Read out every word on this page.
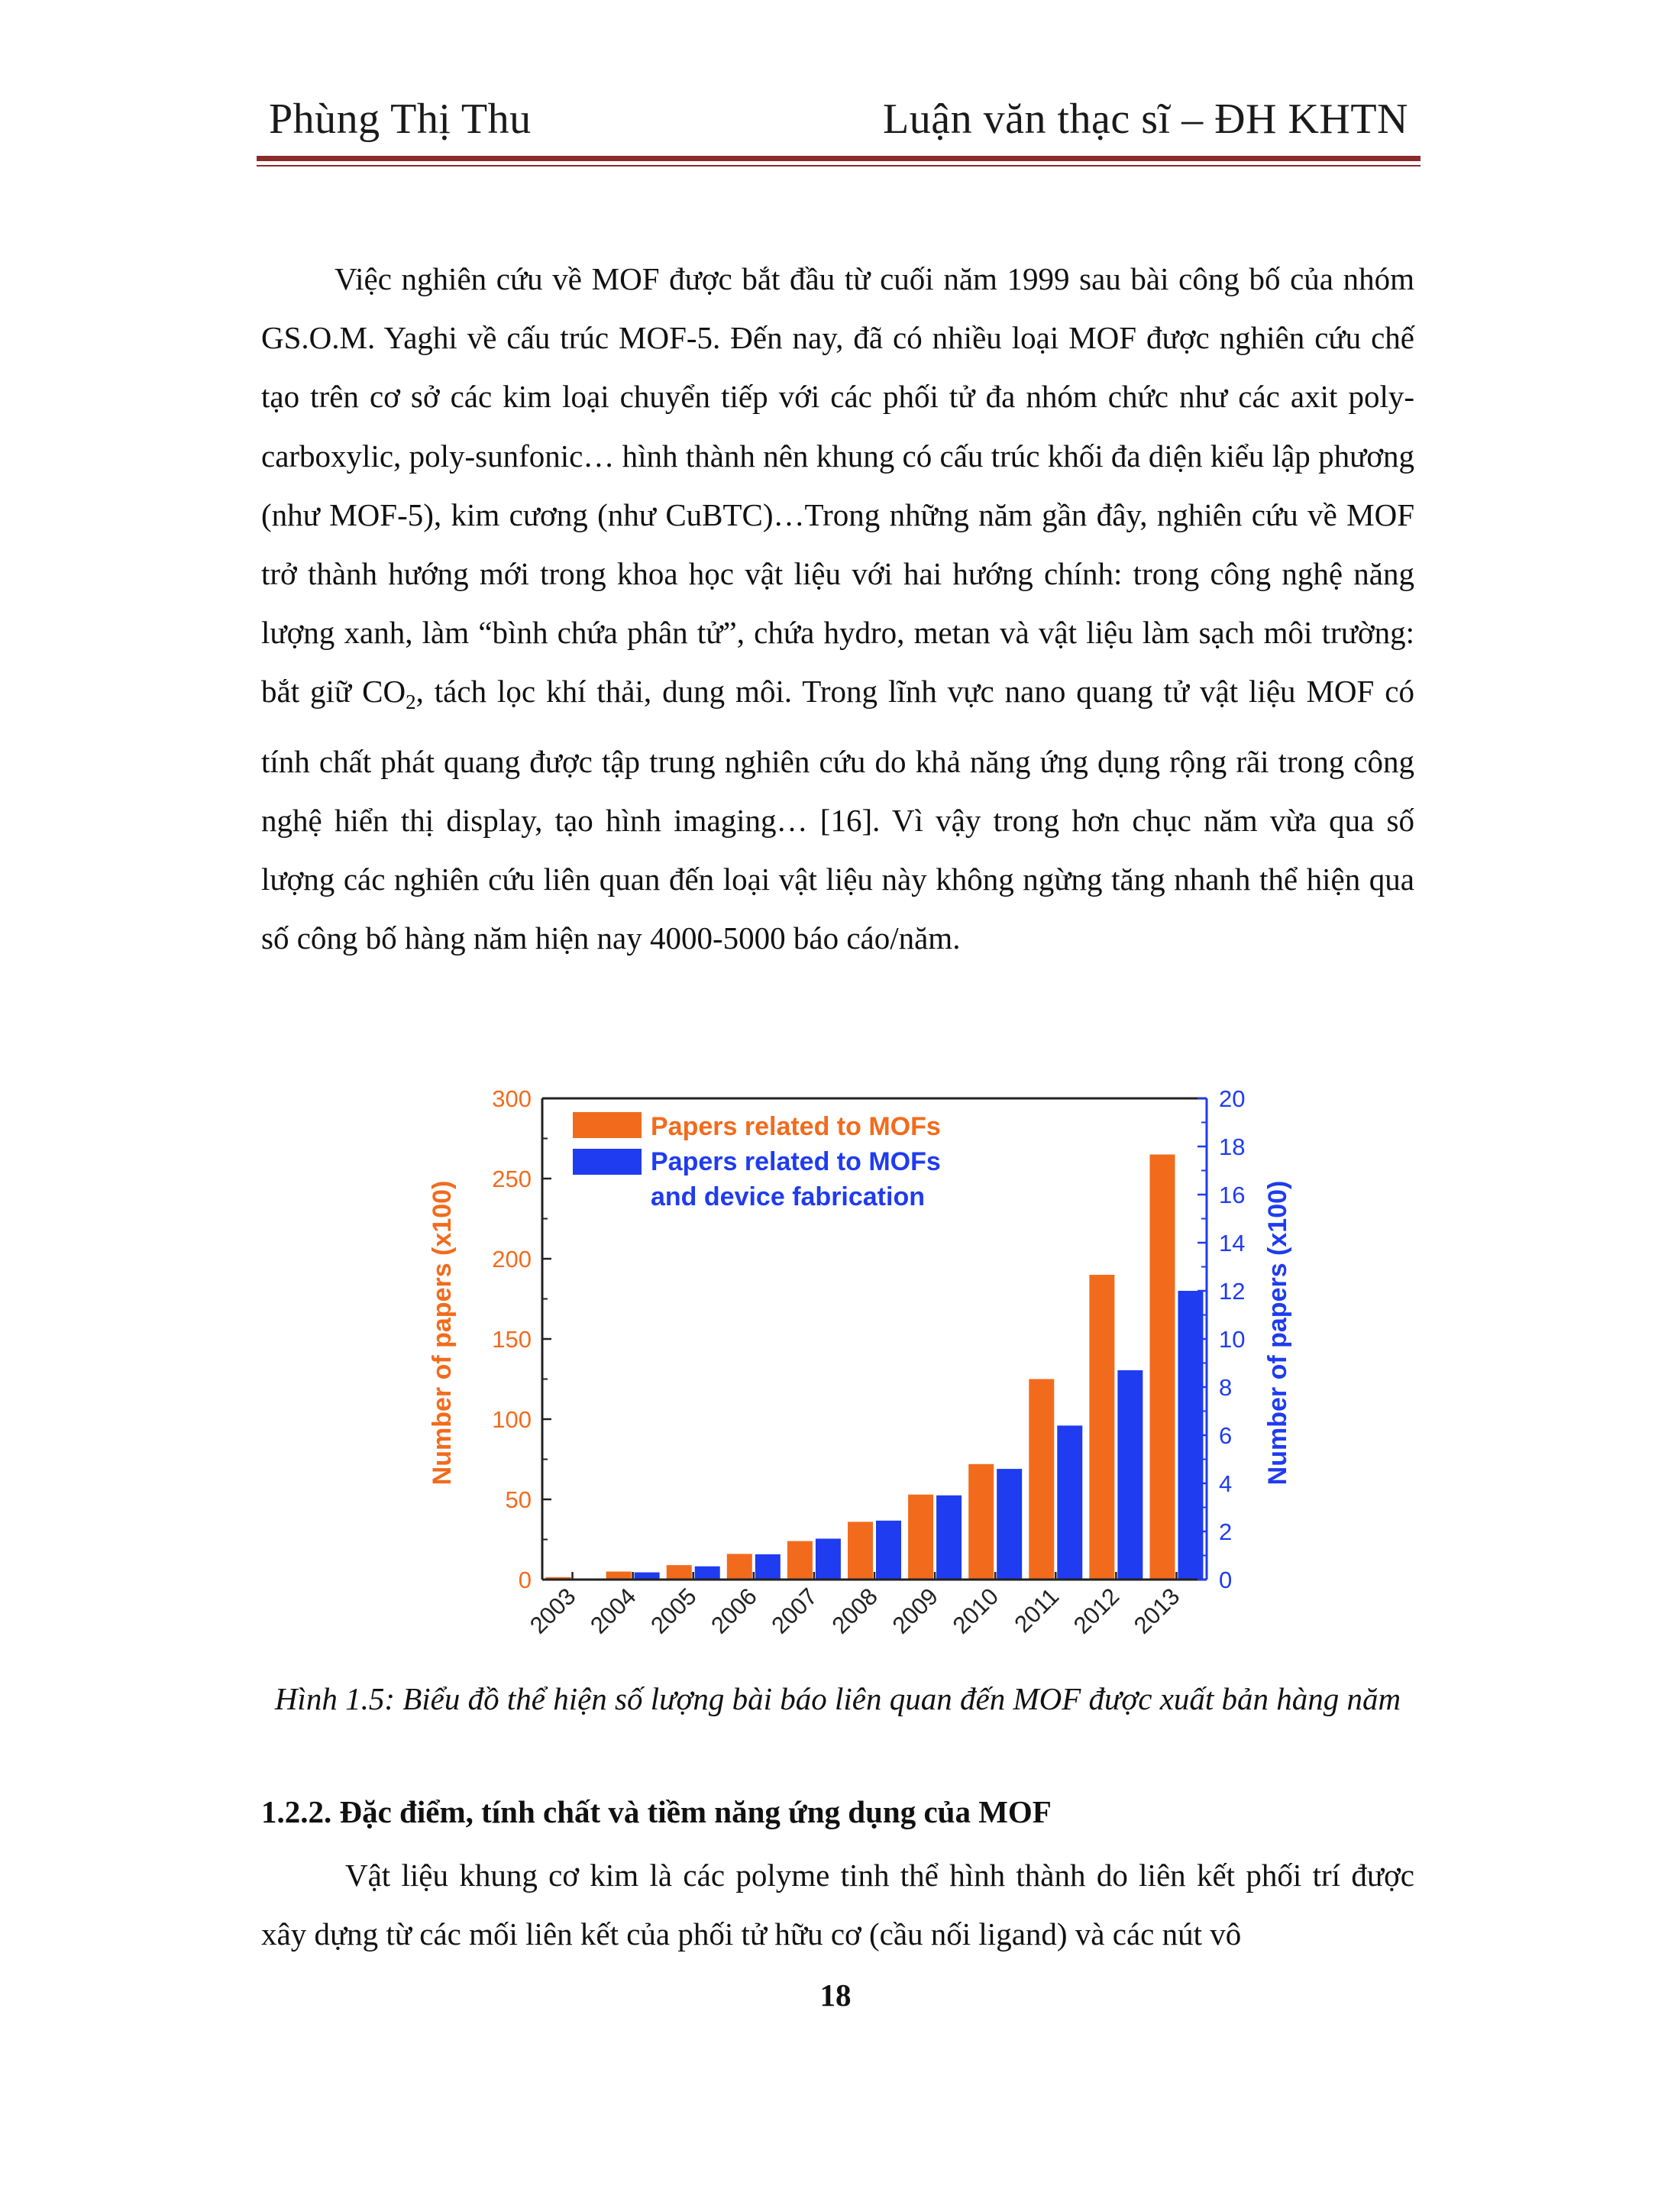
Phùng Thị Thu	Luận văn thạc sĩ – ĐH KHTN

Việc nghiên cứu về MOF được bắt đầu từ cuối năm 1999 sau bài công bố của nhóm GS.O.M. Yaghi về cấu trúc MOF-5. Đến nay, đã có nhiều loại MOF được nghiên cứu chế tạo trên cơ sở các kim loại chuyển tiếp với các phối tử đa nhóm chức như các axit poly-carboxylic, poly-sunfonic… hình thành nên khung có cấu trúc khối đa diện kiểu lập phương (như MOF-5), kim cương (như CuBTC)…Trong những năm gần đây, nghiên cứu về MOF trở thành hướng mới trong khoa học vật liệu với hai hướng chính: trong công nghệ năng lượng xanh, làm “bình chứa phân tử”, chứa hydro, metan và vật liệu làm sạch môi trường: bắt giữ $CO_2$, tách lọc khí thải, dung môi. Trong lĩnh vực nano quang tử vật liệu MOF có tính chất phát quang được tập trung nghiên cứu do khả năng ứng dụng rộng rãi trong công nghệ hiển thị display, tạo hình imaging… [16]. Vì vậy trong hơn chục năm vừa qua số lượng các nghiên cứu liên quan đến loại vật liệu này không ngừng tăng nhanh thể hiện qua số công bố hàng năm hiện nay 4000-5000 báo cáo/năm.

0
50
100
150
200
250
300
0
2
4
6
8
10
12
14
16
18
20
2003 2004 2005 2006 2007 2008 2009 2010 2011 2012 2013
Number of papers (x100)	Number of papers (x100)
Papers related to MOFs
Papers related to MOFs
and device fabrication
Hình 1.5: Biểu đồ thể hiện số lượng bài báo liên quan đến MOF được xuất bản hàng năm
1.2.2. Đặc điểm, tính chất và tiềm năng ứng dụng của MOF

Vật liệu khung cơ kim là các polyme tinh thể hình thành do liên kết phối trí được xây dựng từ các mối liên kết của phối tử hữu cơ (cầu nối ligand) và các nút vô

18
